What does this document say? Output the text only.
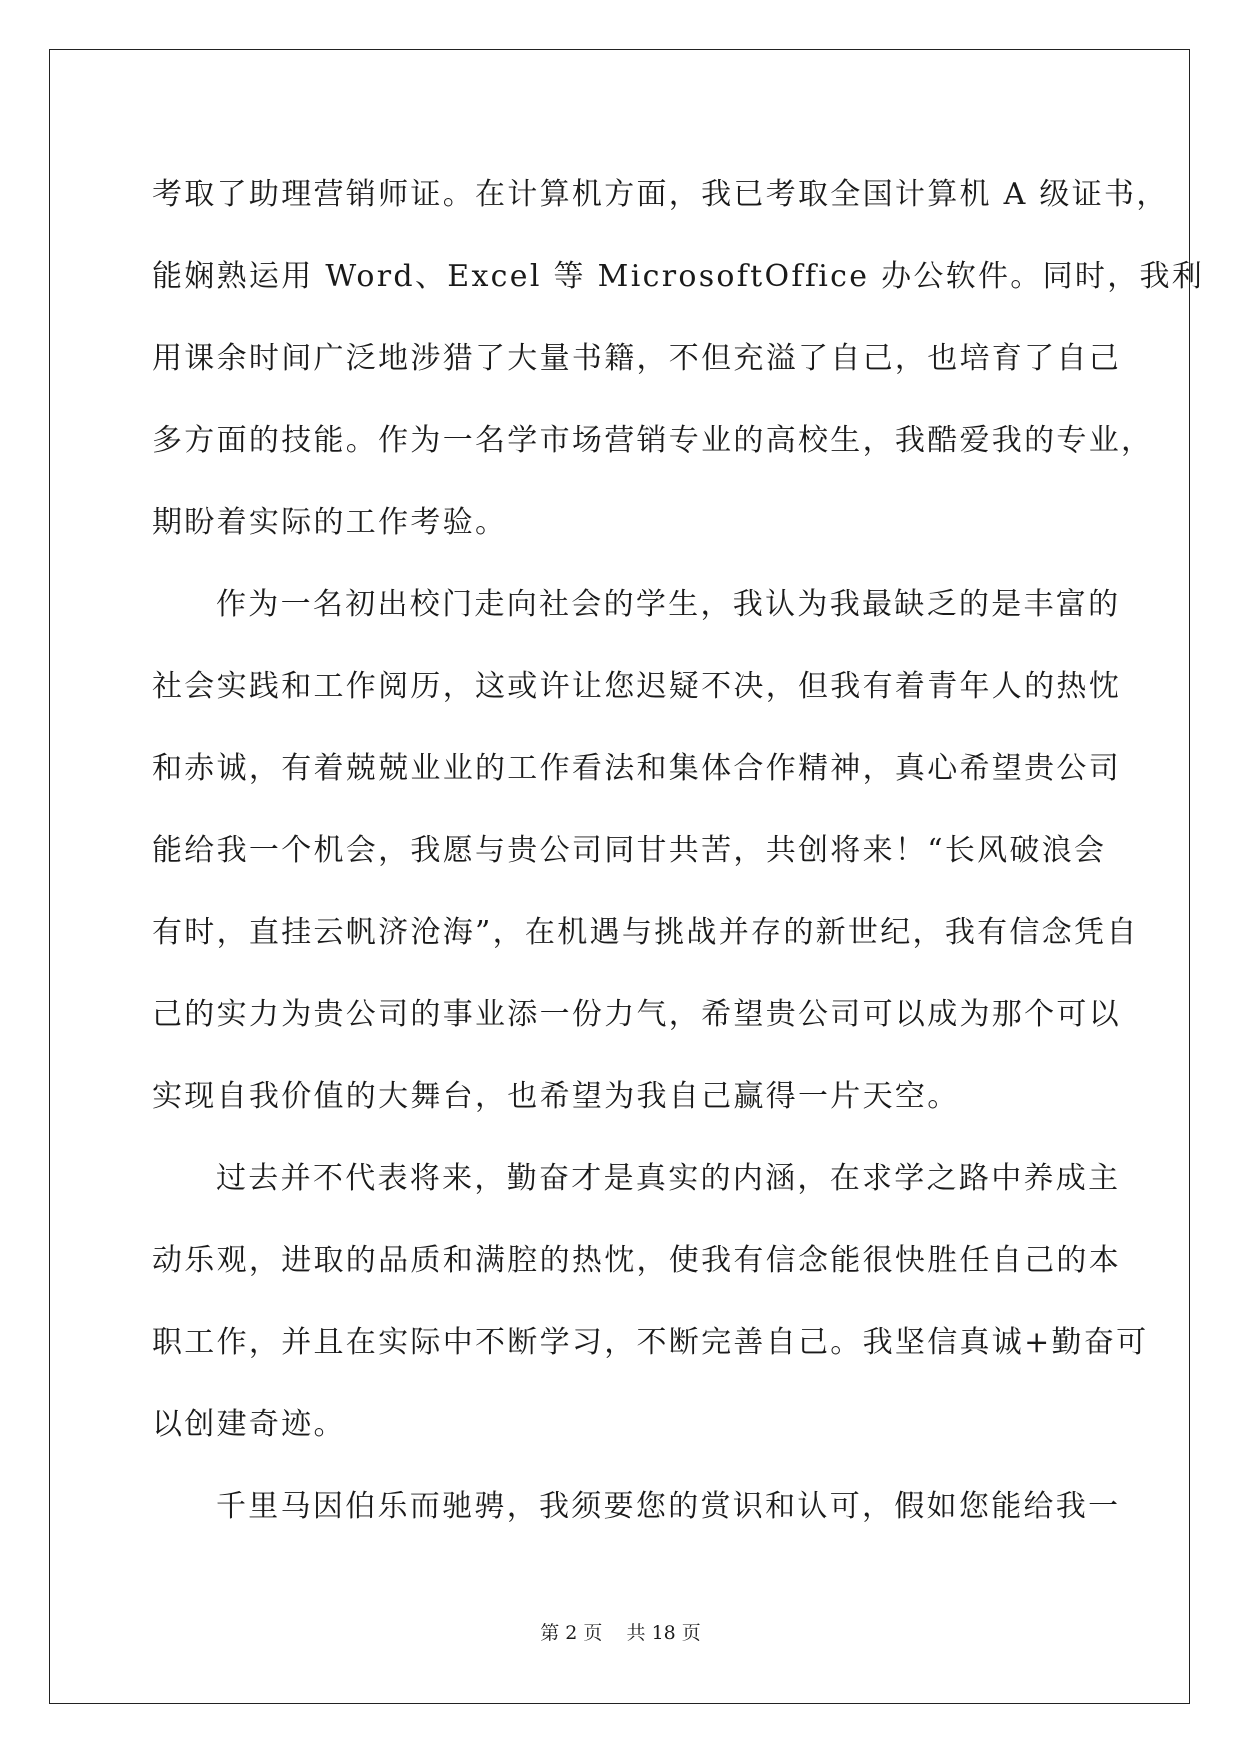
考取了助理营销师证。在计算机方面，我已考取全国计算机 A 级证书，
能娴熟运用 Word、Excel 等 MicrosoftOffice 办公软件。同时，我利
用课余时间广泛地涉猎了大量书籍，不但充溢了自己，也培育了自己
多方面的技能。作为一名学市场营销专业的高校生，我酷爱我的专业，
期盼着实际的工作考验。
作为一名初出校门走向社会的学生，我认为我最缺乏的是丰富的
社会实践和工作阅历，这或许让您迟疑不决，但我有着青年人的热忱
和赤诚，有着兢兢业业的工作看法和集体合作精神，真心希望贵公司
能给我一个机会，我愿与贵公司同甘共苦，共创将来！“长风破浪会
有时，直挂云帆济沧海”，在机遇与挑战并存的新世纪，我有信念凭自
己的实力为贵公司的事业添一份力气，希望贵公司可以成为那个可以
实现自我价值的大舞台，也希望为我自己赢得一片天空。
过去并不代表将来，勤奋才是真实的内涵，在求学之路中养成主
动乐观，进取的品质和满腔的热忱，使我有信念能很快胜任自己的本
职工作，并且在实际中不断学习，不断完善自己。我坚信真诚+勤奋可
以创建奇迹。
千里马因伯乐而驰骋，我须要您的赏识和认可，假如您能给我一
第 2 页 共 18 页
